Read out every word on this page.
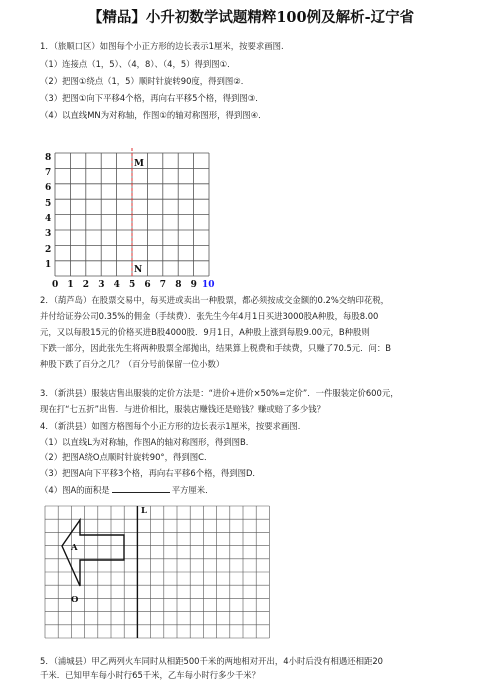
【精品】小升初数学试题精粹100例及解析-辽宁省
1．（旅顺口区）如图每个小正方形的边长表示1厘米，按要求画图.
（1）连接点（1，5）、（4，8）、（4，5）得到图①．
（2）把图①绕点（1，5）顺时针旋转90度，得到图②．
（3）把图①向下平移4个格，再向右平移5个格，得到图③．
（4）以直线MN为对称轴，作图①的轴对称图形，得到图④．
M
N
8
7
6
5
4
3
2
1
0 1 2 3 4 5 6 7 8 9 10
2．（葫芦岛）在股票交易中，每买进或卖出一种股票，都必须按成交金额的0.2%交纳印花税，
并付给证券公司0.35%的佣金（手续费）．张先生今年4月1日买进3000股A种股，每股8.00
元，又以每股15元的价格买进B股4000股．9月1日，A种股上涨到每股9.00元，B种股则
下跌一部分，因此张先生将两种股票全部抛出，结果算上税费和手续费，只赚了70.5元．问：B
种股下跌了百分之几？（百分号前保留一位小数）
3．（新洪县）服装店售出服装的定价方法是：“进价+进价×50%=定价”．一件服装定价600元，
现在打“七五折”出售．与进价相比，服装店赚钱还是赔钱？赚或赔了多少钱？
4．（新洪县）如图方格图每个小正方形的边长表示1厘米，按要求画图．
（1）以直线L为对称轴，作图A的轴对称图形，得到图B．
（2）把图A绕O点顺时针旋转90°，得到图C．
（3）把图A向下平移3个格，再向右平移6个格，得到图D．
（4）图A的面积是	平方厘米．
L
A
O
5．（浦城县）甲乙两列火车同时从相距500千米的两地相对开出，4小时后没有相遇还相距20
千米．已知甲车每小时行65千米，乙车每小时行多少千米？
